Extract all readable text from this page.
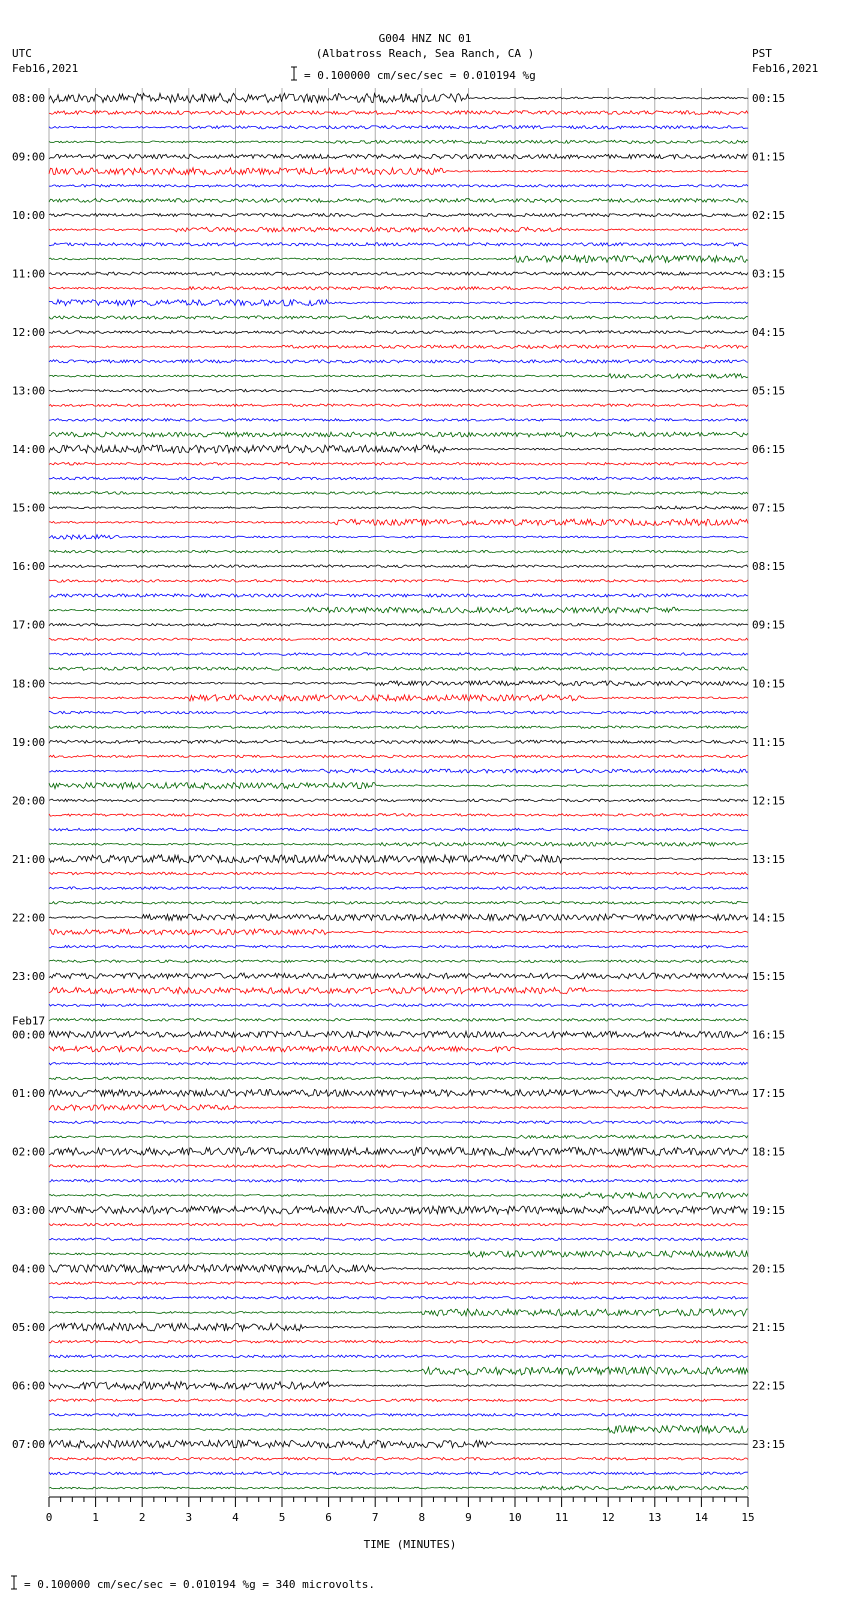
G004 HNZ NC 01
(Albatross Reach, Sea Ranch, CA )
UTC
Feb16,2021
PST
Feb16,2021
= 0.100000 cm/sec/sec = 0.010194 %g
08:00
09:00
10:00
11:00
12:00
13:00
14:00
15:00
16:00
17:00
18:00
19:00
20:00
21:00
22:00
23:00
Feb17
00:00
01:00
02:00
03:00
04:00
05:00
06:00
07:00
00:15
01:15
02:15
03:15
04:15
05:15
06:15
07:15
08:15
09:15
10:15
11:15
12:15
13:15
14:15
15:15
16:15
17:15
18:15
19:15
20:15
21:15
22:15
23:15
0	1	2	3	4	5	6	7	8	9	10	11	12	13	14	15
TIME (MINUTES)
= 0.100000 cm/sec/sec = 0.010194 %g = 340 microvolts.
